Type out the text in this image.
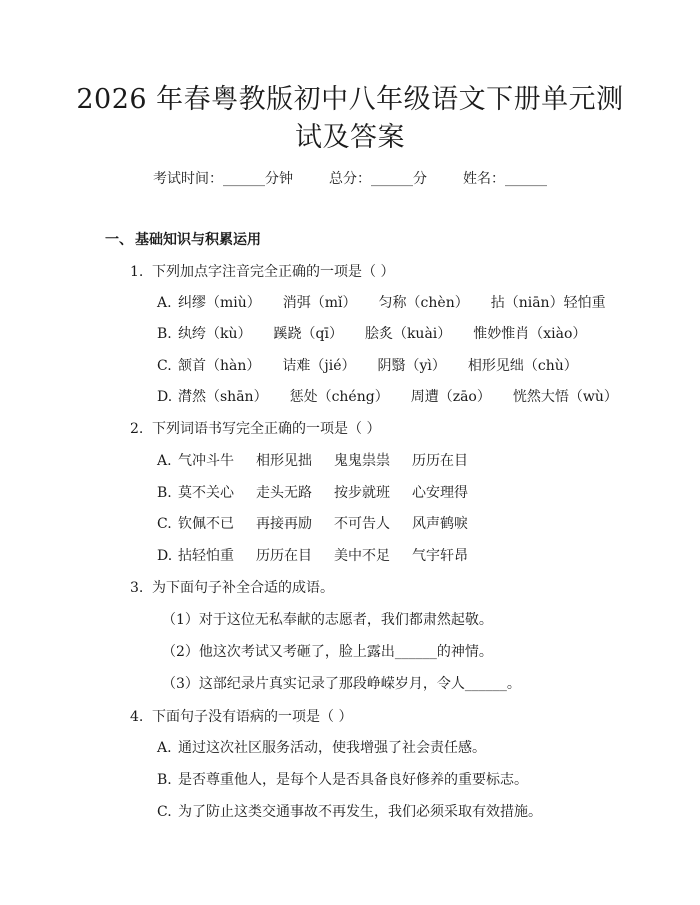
2026 年春粤教版初中八年级语文下册单元测
试及答案
考试时间：______分钟	总分：______分	姓名：______
一、 基础知识与积累运用
1. 下列加点字注音完全正确的一项是（ ）
A. 纠缪（miù） 消弭（mǐ） 匀称（chèn） 拈（niān）轻怕重
B. 纨绔（kù） 蹊跷（qī） 脍炙（kuài） 惟妙惟肖（xiào）
C. 颔首（hàn） 诘难（jié） 阴翳（yì） 相形见绌（chù）
D. 潸然（shān） 惩处（chéng） 周遭（zāo） 恍然大悟（wù）
2. 下列词语书写完全正确的一项是（ ）
A. 气冲斗牛 相形见拙 鬼鬼祟祟 历历在目
B. 莫不关心 走头无路 按步就班 心安理得
C. 钦佩不已 再接再励 不可告人 风声鹤唳
D. 拈轻怕重 历历在目 美中不足 气宇轩昂
3. 为下面句子补全合适的成语。
（1）对于这位无私奉献的志愿者，我们都肃然起敬。
（2）他这次考试又考砸了，脸上露出______的神情。
（3）这部纪录片真实记录了那段峥嵘岁月，令人______。
4. 下面句子没有语病的一项是（ ）
A. 通过这次社区服务活动，使我增强了社会责任感。
B. 是否尊重他人，是每个人是否具备良好修养的重要标志。
C. 为了防止这类交通事故不再发生，我们必须采取有效措施。
